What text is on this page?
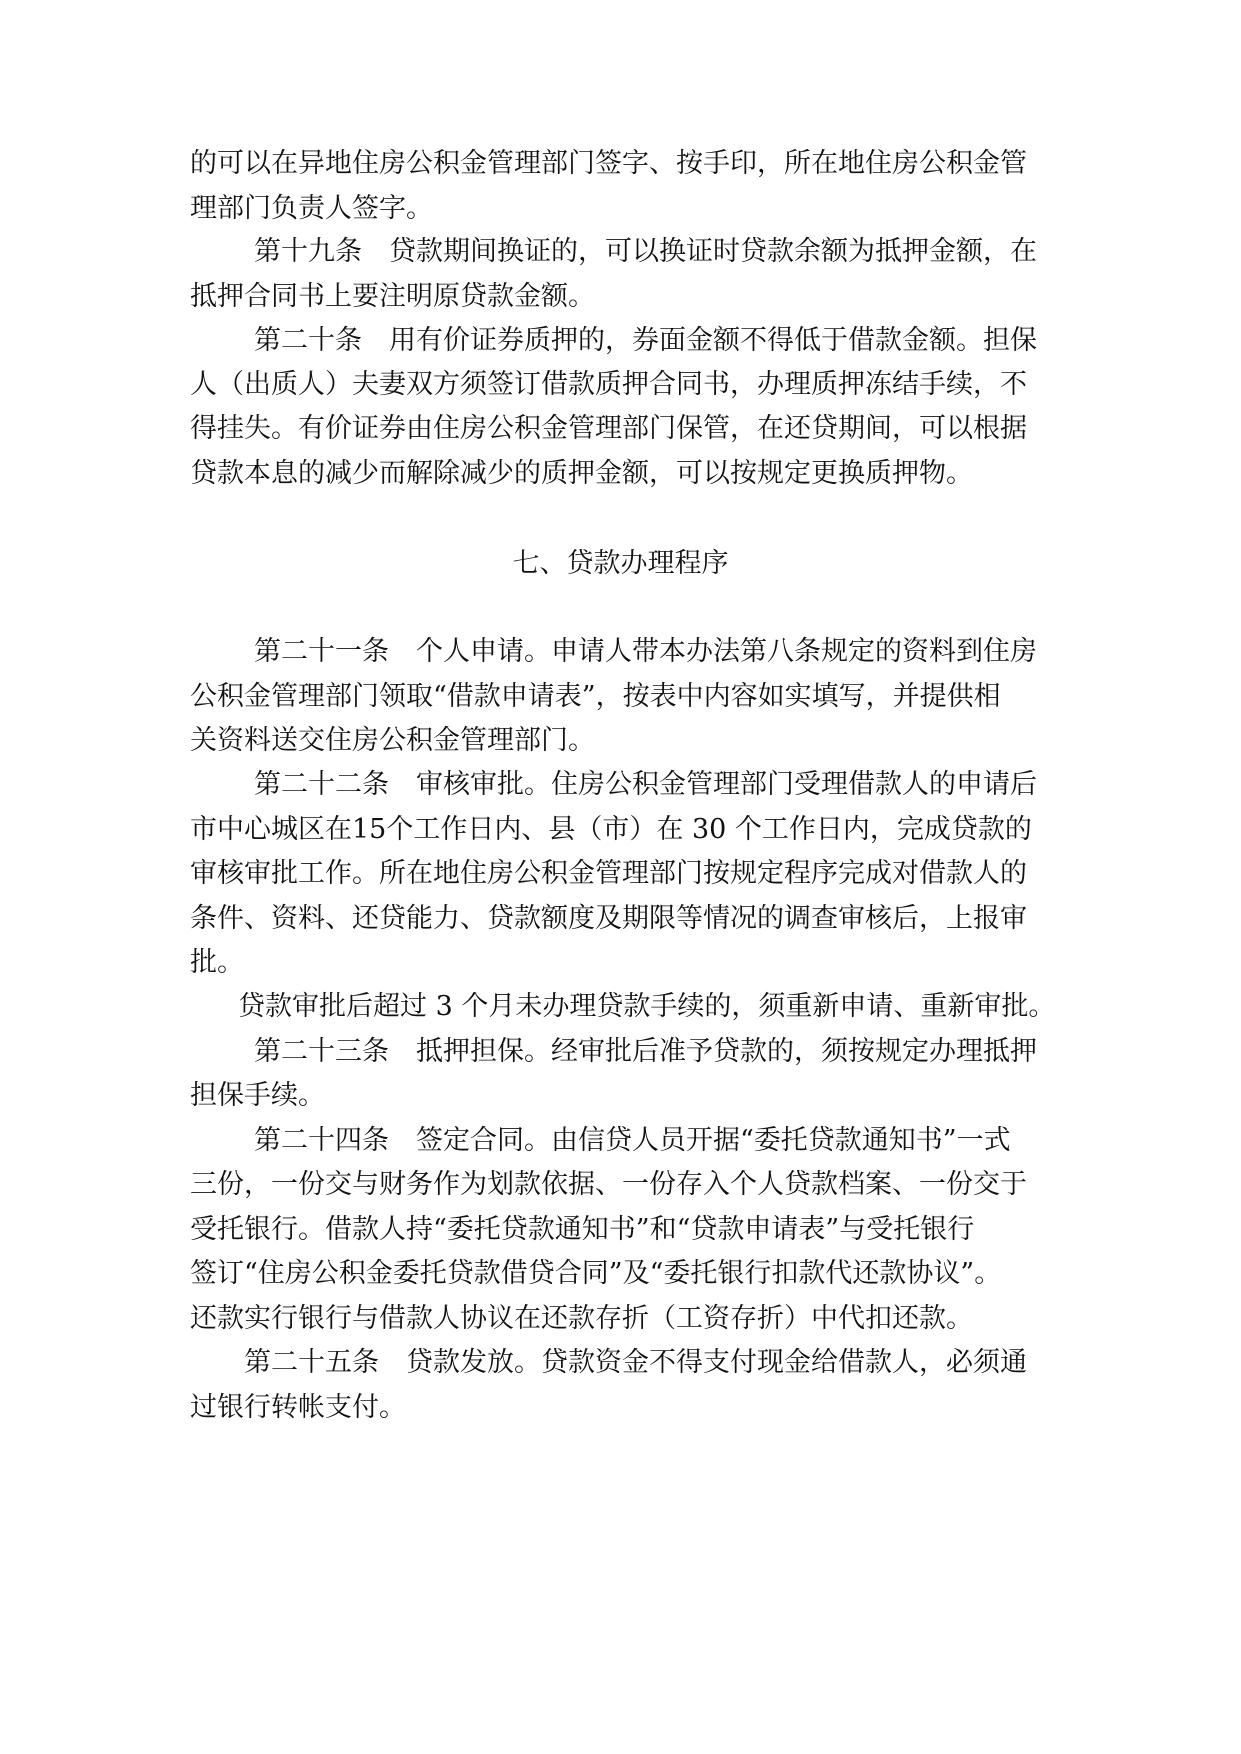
的可以在异地住房公积金管理部门签字、按手印，所在地住房公积金管
理部门负责人签字。
第十九条　贷款期间换证的，可以换证时贷款余额为抵押金额，在
抵押合同书上要注明原贷款金额。
第二十条　用有价证券质押的，券面金额不得低于借款金额。担保
人（出质人）夫妻双方须签订借款质押合同书，办理质押冻结手续，不
得挂失。有价证券由住房公积金管理部门保管，在还贷期间，可以根据
贷款本息的减少而解除减少的质押金额，可以按规定更换质押物。
七、贷款办理程序
第二十一条　个人申请。申请人带本办法第八条规定的资料到住房
公积金管理部门领取“借款申请表”，按表中内容如实填写，并提供相
关资料送交住房公积金管理部门。
第二十二条　审核审批。住房公积金管理部门受理借款人的申请后
市中心城区在15个工作日内、县（市）在 30 个工作日内，完成贷款的
审核审批工作。所在地住房公积金管理部门按规定程序完成对借款人的
条件、资料、还贷能力、贷款额度及期限等情况的调查审核后，上报审
批。
贷款审批后超过 3 个月未办理贷款手续的，须重新申请、重新审批。
第二十三条　抵押担保。经审批后准予贷款的，须按规定办理抵押
担保手续。
第二十四条　签定合同。由信贷人员开据“委托贷款通知书”一式
三份，一份交与财务作为划款依据、一份存入个人贷款档案、一份交于
受托银行。借款人持“委托贷款通知书”和“贷款申请表”与受托银行
签订“住房公积金委托贷款借贷合同”及“委托银行扣款代还款协议”。
还款实行银行与借款人协议在还款存折（工资存折）中代扣还款。
第二十五条　贷款发放。贷款资金不得支付现金给借款人，必须通
过银行转帐支付。
